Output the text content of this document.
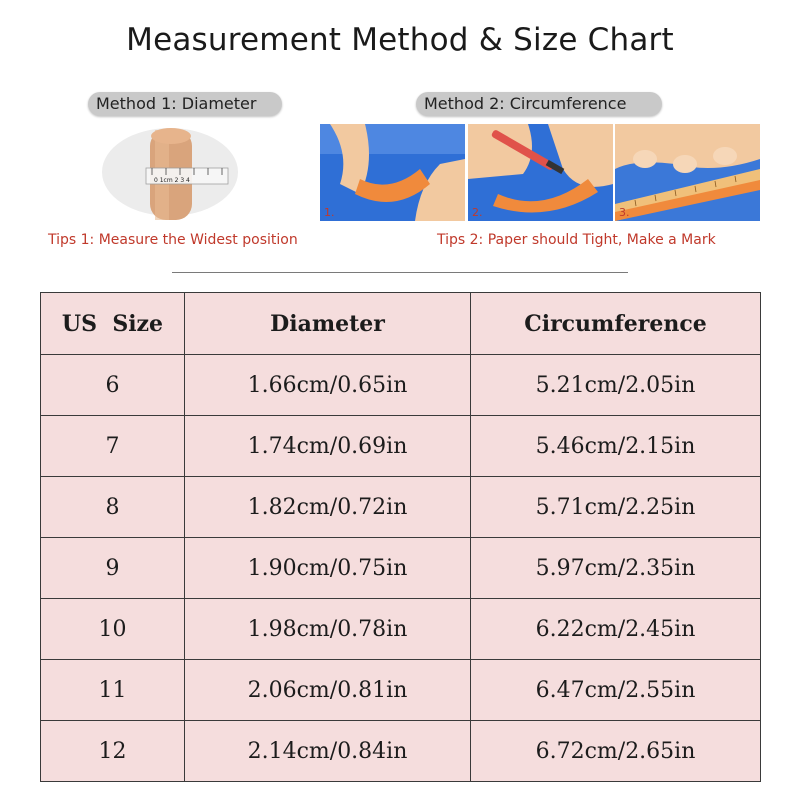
Measurement Method & Size Chart
Method 1: Diameter	Method 2: Circumference
0 1cm 2 3 4
1.	2.	3.
Tips 1: Measure the Widest position	Tips 2: Paper should Tight, Make a Mark
US  Size	Diameter	Circumference
6	1.66cm/0.65in	5.21cm/2.05in
7	1.74cm/0.69in	5.46cm/2.15in
8	1.82cm/0.72in	5.71cm/2.25in
9	1.90cm/0.75in	5.97cm/2.35in
10	1.98cm/0.78in	6.22cm/2.45in
11	2.06cm/0.81in	6.47cm/2.55in
12	2.14cm/0.84in	6.72cm/2.65in
